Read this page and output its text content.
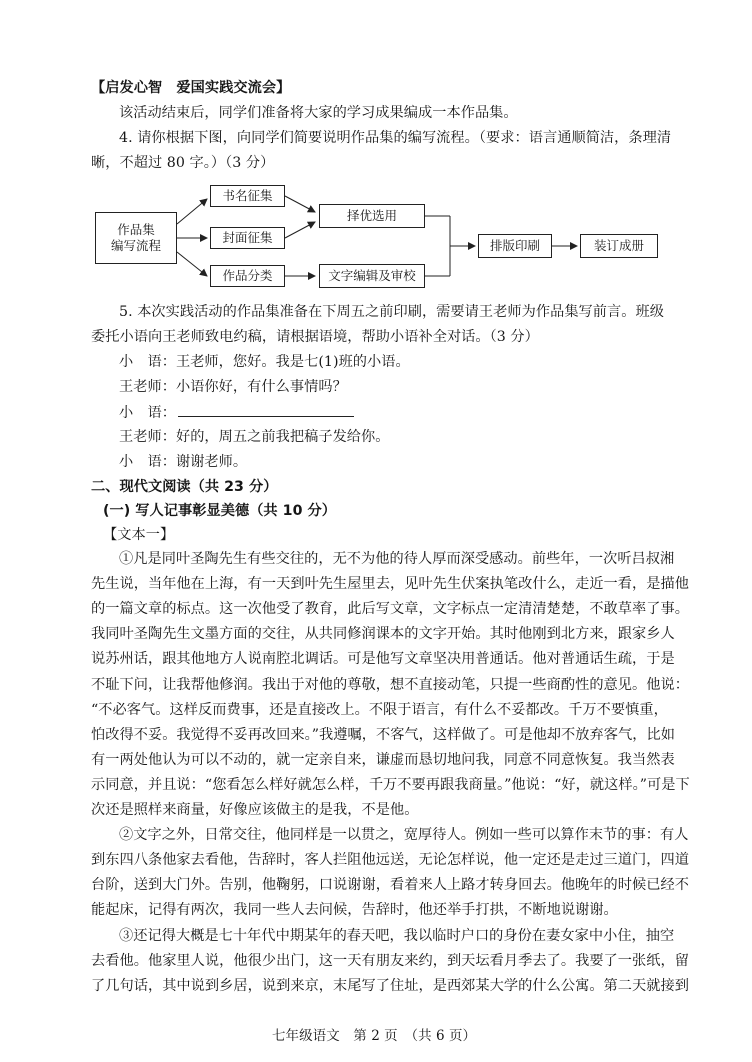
【启发心智　爱国实践交流会】
该活动结束后，同学们准备将大家的学习成果编成一本作品集。
4. 请你根据下图，向同学们简要说明作品集的编写流程。（要求：语言通顺简洁，条理清
晰，不超过 80 字。）（3 分）
作品集
编写流程
书名征集
封面征集
作品分类
择优选用
文字编辑及审校
排版印刷	装订成册
5. 本次实践活动的作品集准备在下周五之前印刷，需要请王老师为作品集写前言。班级
委托小语向王老师致电约稿，请根据语境，帮助小语补全对话。（3 分）
小　语：王老师，您好。我是七(1)班的小语。
王老师：小语你好，有什么事情吗？
小　语：
王老师：好的，周五之前我把稿子发给你。
小　语：谢谢老师。
二、现代文阅读（共 23 分）
(一) 写人记事彰显美德（共 10 分）
【文本一】
①凡是同叶圣陶先生有些交往的，无不为他的待人厚而深受感动。前些年，一次听吕叔湘
先生说，当年他在上海，有一天到叶先生屋里去，见叶先生伏案执笔改什么，走近一看，是描他
的一篇文章的标点。这一次他受了教育，此后写文章，文字标点一定清清楚楚，不敢草率了事。
我同叶圣陶先生文墨方面的交往，从共同修润课本的文字开始。其时他刚到北方来，跟家乡人
说苏州话，跟其他地方人说南腔北调话。可是他写文章坚决用普通话。他对普通话生疏，于是
不耻下问，让我帮他修润。我出于对他的尊敬，想不直接动笔，只提一些商酌性的意见。他说：
“不必客气。这样反而费事，还是直接改上。不限于语言，有什么不妥都改。千万不要慎重，
怕改得不妥。我觉得不妥再改回来。”我遵嘱，不客气，这样做了。可是他却不放弃客气，比如
有一两处他认为可以不动的，就一定亲自来，谦虚而恳切地问我，同意不同意恢复。我当然表
示同意，并且说：“您看怎么样好就怎么样，千万不要再跟我商量。”他说：“好，就这样。”可是下
次还是照样来商量，好像应该做主的是我，不是他。
②文字之外，日常交往，他同样是一以贯之，宽厚待人。例如一些可以算作末节的事：有人
到东四八条他家去看他，告辞时，客人拦阻他远送，无论怎样说，他一定还是走过三道门，四道
台阶，送到大门外。告别，他鞠躬，口说谢谢，看着来人上路才转身回去。他晚年的时候已经不
能起床，记得有两次，我同一些人去问候，告辞时，他还举手打拱，不断地说谢谢。
③还记得大概是七十年代中期某年的春天吧，我以临时户口的身份在妻女家中小住，抽空
去看他。他家里人说，他很少出门，这一天有朋友来约，到天坛看月季去了。我要了一张纸，留
了几句话，其中说到乡居，说到来京，末尾写了住址，是西郊某大学的什么公寓。第二天就接到
七年级语文　第 2 页　（共 6 页）
